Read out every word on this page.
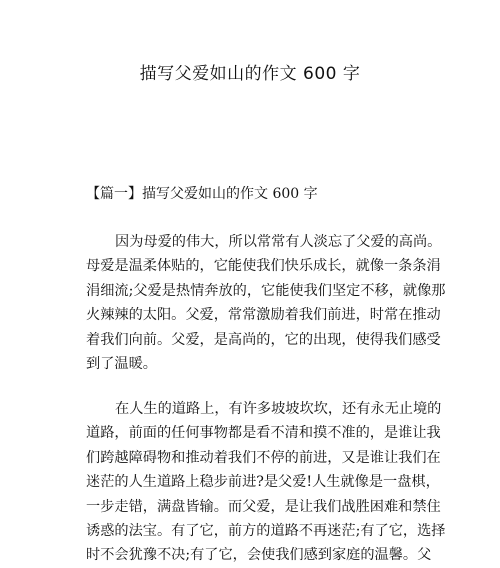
描写父爱如山的作文 600 字
【篇一】描写父爱如山的作文 600 字
因为母爱的伟大，所以常常有人淡忘了父爱的高尚。
母爱是温柔体贴的，它能使我们快乐成长，就像一条条涓
涓细流;父爱是热情奔放的，它能使我们坚定不移，就像那
火辣辣的太阳。父爱，常常激励着我们前进，时常在推动
着我们向前。父爱，是高尚的，它的出现，使得我们感受
到了温暖。
在人生的道路上，有许多坡坡坎坎，还有永无止境的
道路，前面的任何事物都是看不清和摸不准的，是谁让我
们跨越障碍物和推动着我们不停的前进，又是谁让我们在
迷茫的人生道路上稳步前进?是父爱!人生就像是一盘棋，
一步走错，满盘皆输。而父爱，是让我们战胜困难和禁住
诱惑的法宝。有了它，前方的道路不再迷茫;有了它，选择
时不会犹豫不决;有了它，会使我们感到家庭的温馨。父
